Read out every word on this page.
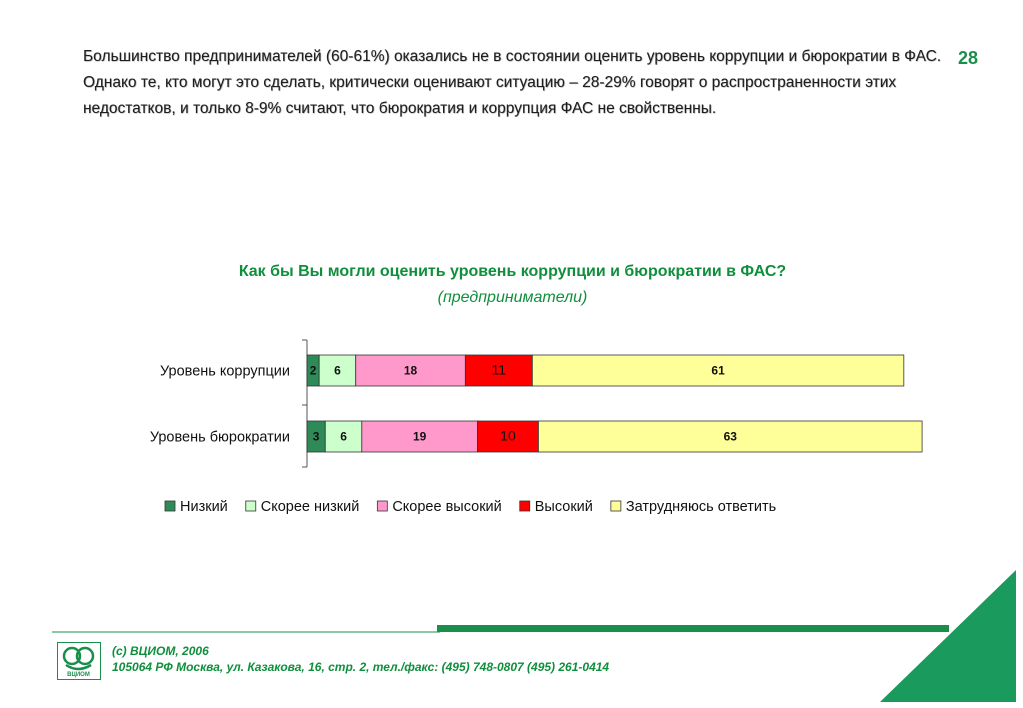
28
Большинство предпринимателей (60-61%) оказались не в состоянии оценить уровень коррупции и бюрократии в ФАС. Однако те, кто могут это сделать, критически оценивают ситуацию – 28-29% говорят о распространенности этих недостатков, и только 8-9% считают, что бюрократия и коррупция ФАС не свойственны.
Как бы Вы могли оценить уровень коррупции и бюрократии в ФАС? (предприниматели)
Уровень коррупции 2 6	18	11	61
Уровень бюрократии 3 6	19	10	63
Низкий Скорее низкий Скорее высокий Высокий Затрудняюсь ответить
ВЦИОМ
(c) ВЦИОМ, 2006
105064 РФ Москва, ул. Казакова, 16, стр. 2, тел./факс: (495) 748-0807 (495) 261-0414
